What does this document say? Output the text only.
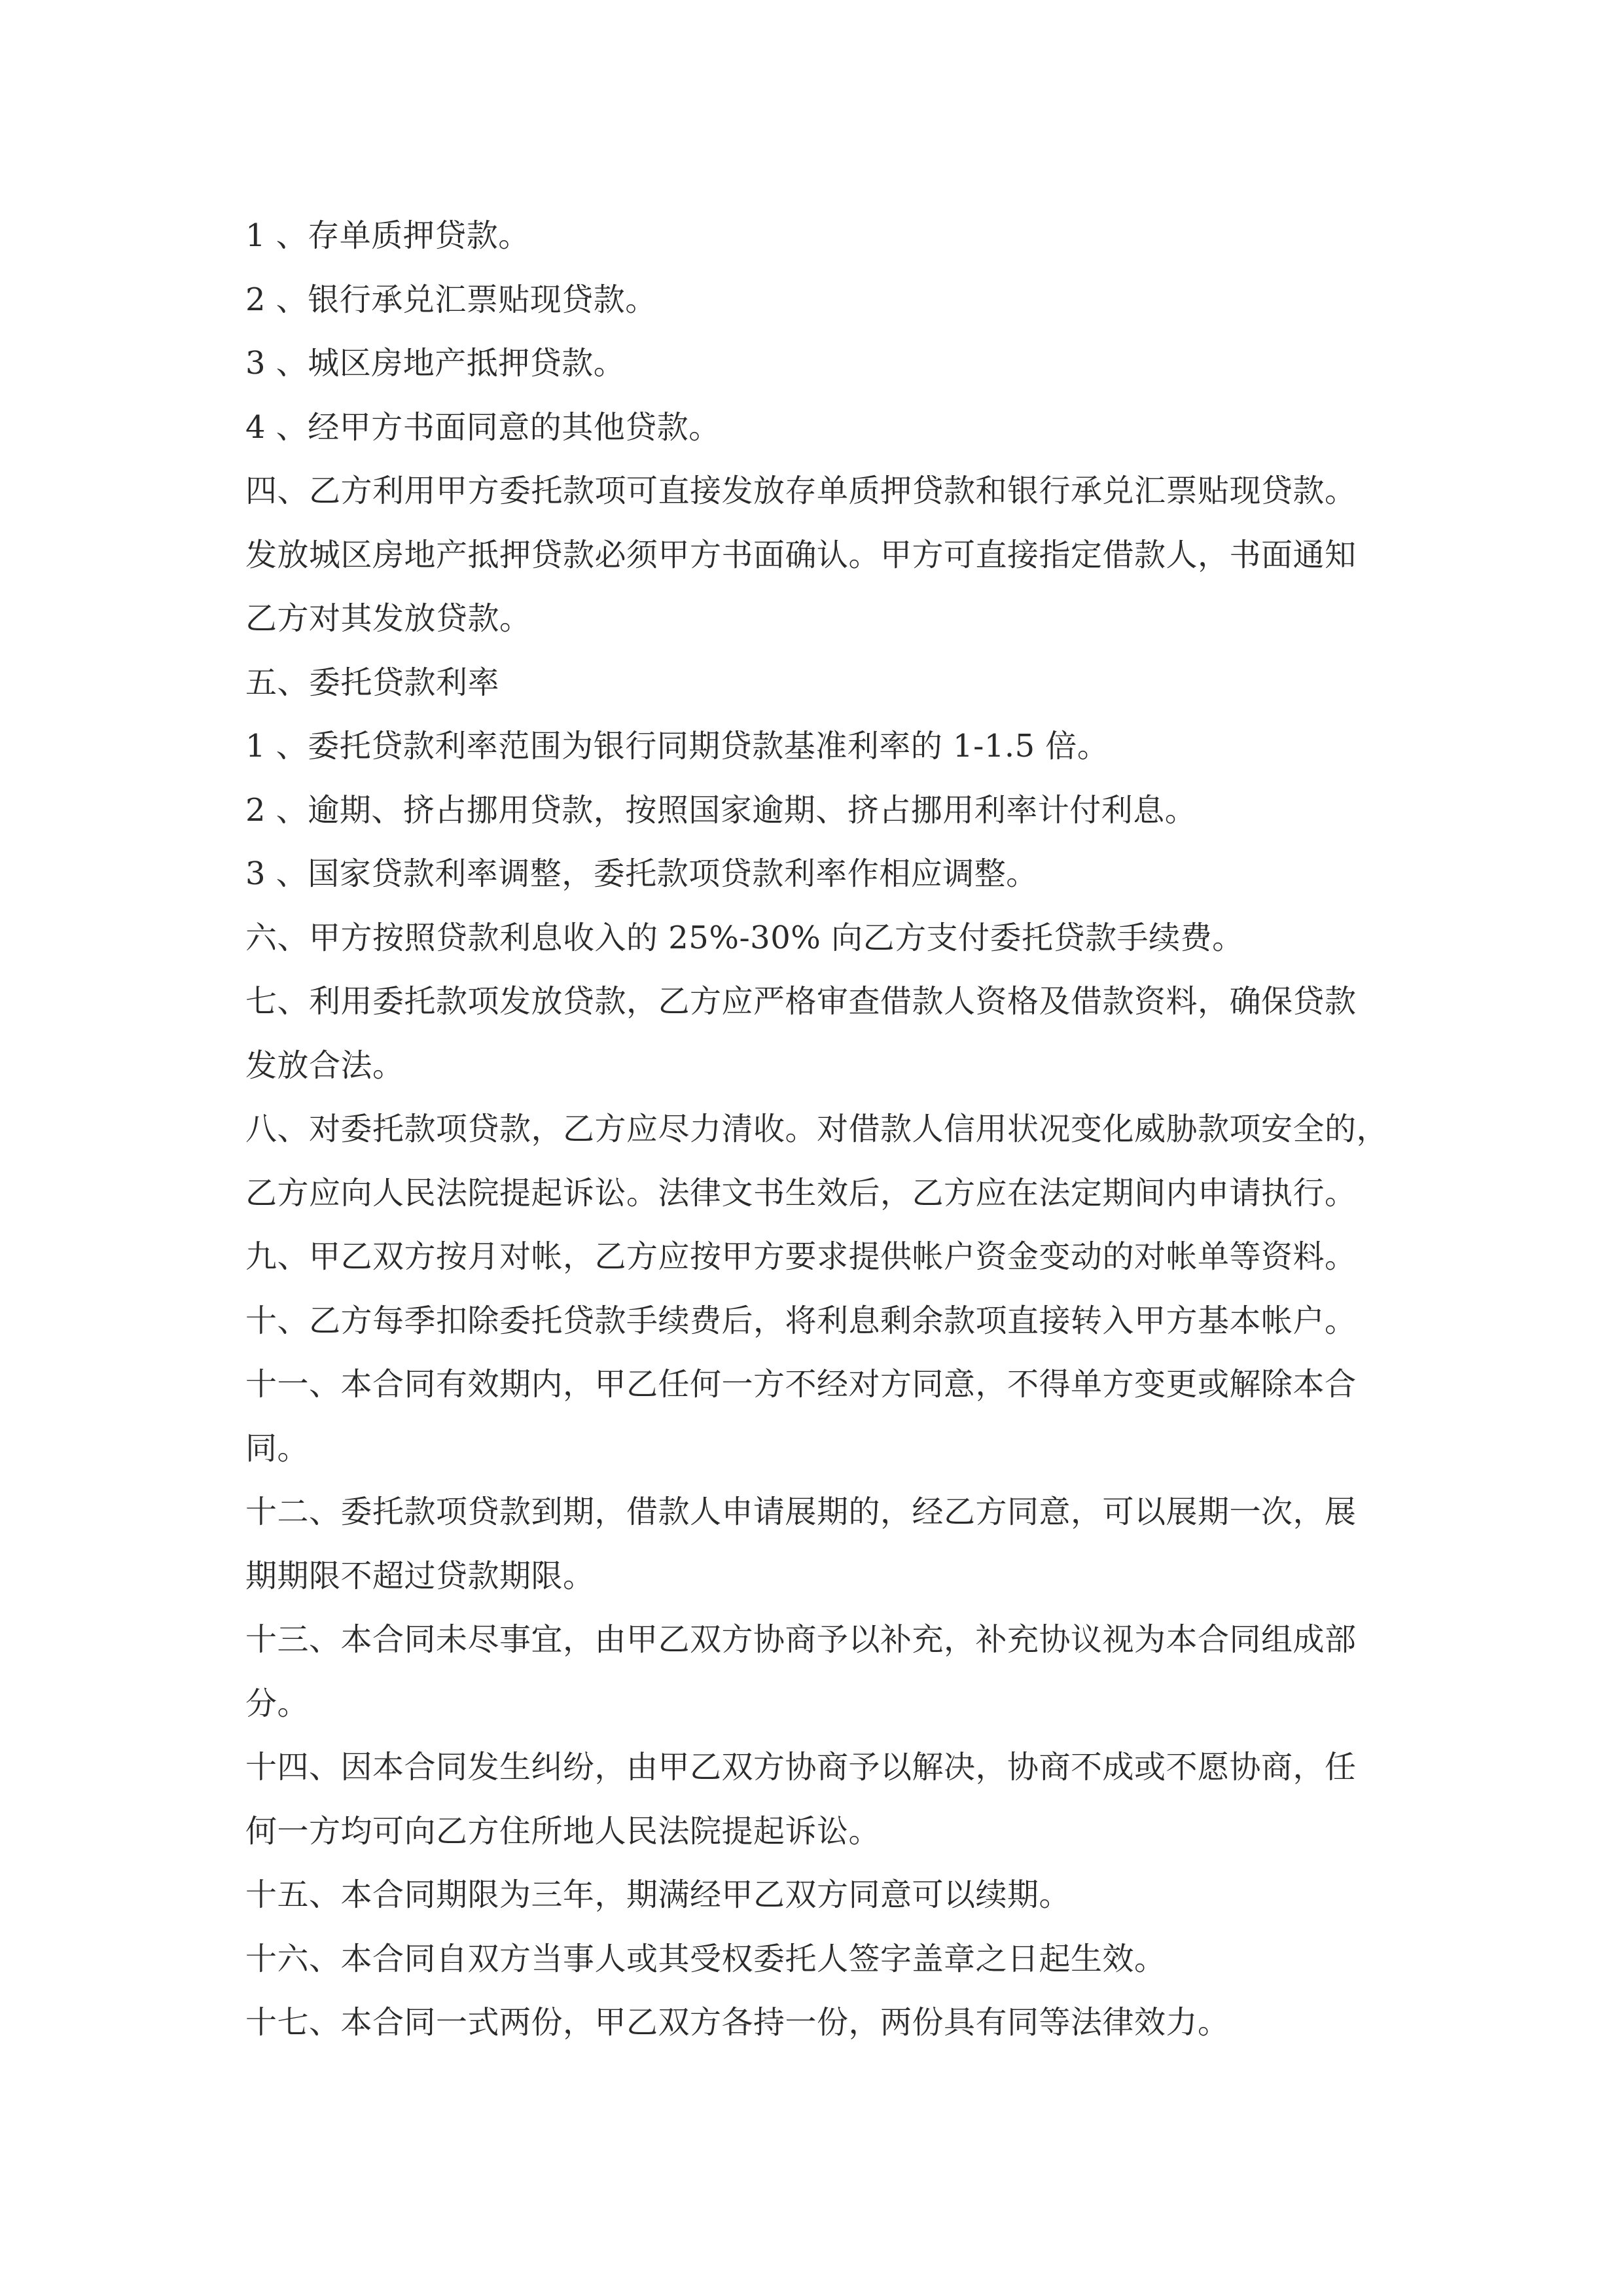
1 、存单质押贷款。
2 、银行承兑汇票贴现贷款。
3 、城区房地产抵押贷款。
4 、经甲方书面同意的其他贷款。
四、乙方利用甲方委托款项可直接发放存单质押贷款和银行承兑汇票贴现贷款。
发放城区房地产抵押贷款必须甲方书面确认。甲方可直接指定借款人，书面通知
乙方对其发放贷款。
五、委托贷款利率
1 、委托贷款利率范围为银行同期贷款基准利率的 1-1.5 倍。
2 、逾期、挤占挪用贷款，按照国家逾期、挤占挪用利率计付利息。
3 、国家贷款利率调整，委托款项贷款利率作相应调整。
六、甲方按照贷款利息收入的 25%-30% 向乙方支付委托贷款手续费。
七、利用委托款项发放贷款，乙方应严格审查借款人资格及借款资料，确保贷款
发放合法。
八、对委托款项贷款，乙方应尽力清收。对借款人信用状况变化威胁款项安全的，
乙方应向人民法院提起诉讼。法律文书生效后，乙方应在法定期间内申请执行。
九、甲乙双方按月对帐，乙方应按甲方要求提供帐户资金变动的对帐单等资料。
十、乙方每季扣除委托贷款手续费后，将利息剩余款项直接转入甲方基本帐户。
十一、本合同有效期内，甲乙任何一方不经对方同意，不得单方变更或解除本合
同。
十二、委托款项贷款到期，借款人申请展期的，经乙方同意，可以展期一次，展
期期限不超过贷款期限。
十三、本合同未尽事宜，由甲乙双方协商予以补充，补充协议视为本合同组成部
分。
十四、因本合同发生纠纷，由甲乙双方协商予以解决，协商不成或不愿协商，任
何一方均可向乙方住所地人民法院提起诉讼。
十五、本合同期限为三年，期满经甲乙双方同意可以续期。
十六、本合同自双方当事人或其受权委托人签字盖章之日起生效。
十七、本合同一式两份，甲乙双方各持一份，两份具有同等法律效力。
